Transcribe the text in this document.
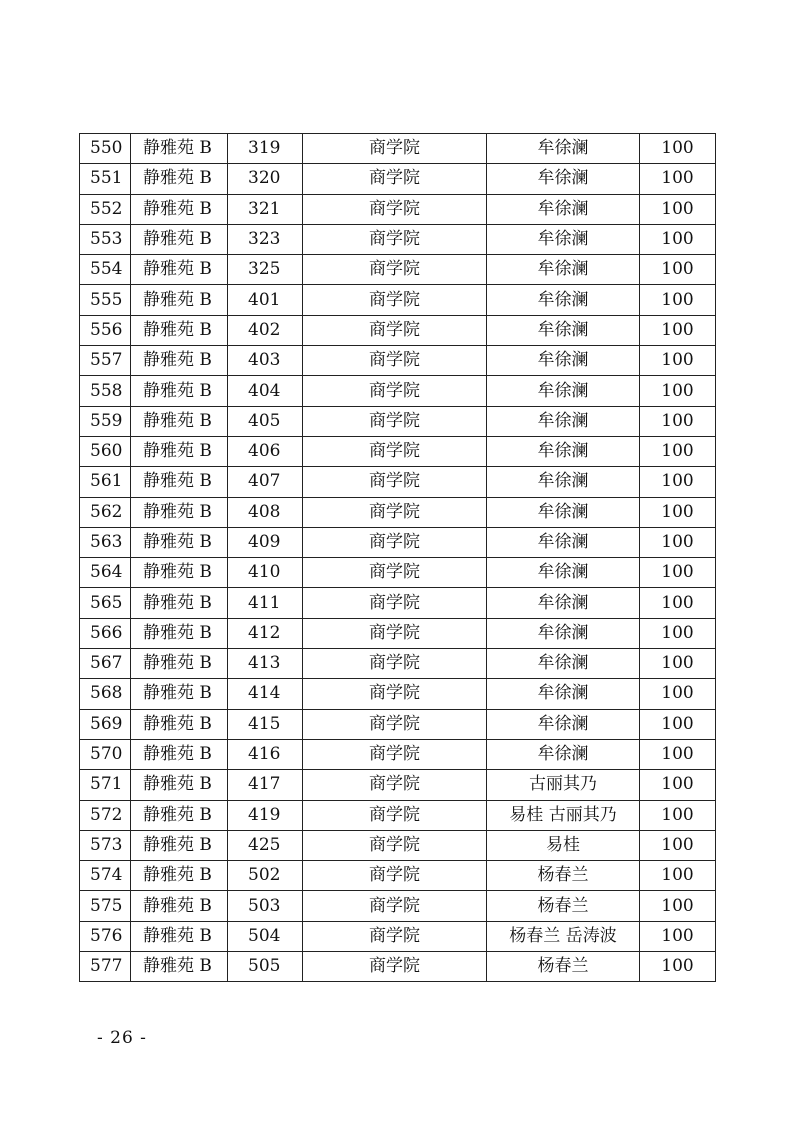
550	静雅苑 B	319	商学院	牟徐澜	100
551	静雅苑 B	320	商学院	牟徐澜	100
552	静雅苑 B	321	商学院	牟徐澜	100
553	静雅苑 B	323	商学院	牟徐澜	100
554	静雅苑 B	325	商学院	牟徐澜	100
555	静雅苑 B	401	商学院	牟徐澜	100
556	静雅苑 B	402	商学院	牟徐澜	100
557	静雅苑 B	403	商学院	牟徐澜	100
558	静雅苑 B	404	商学院	牟徐澜	100
559	静雅苑 B	405	商学院	牟徐澜	100
560	静雅苑 B	406	商学院	牟徐澜	100
561	静雅苑 B	407	商学院	牟徐澜	100
562	静雅苑 B	408	商学院	牟徐澜	100
563	静雅苑 B	409	商学院	牟徐澜	100
564	静雅苑 B	410	商学院	牟徐澜	100
565	静雅苑 B	411	商学院	牟徐澜	100
566	静雅苑 B	412	商学院	牟徐澜	100
567	静雅苑 B	413	商学院	牟徐澜	100
568	静雅苑 B	414	商学院	牟徐澜	100
569	静雅苑 B	415	商学院	牟徐澜	100
570	静雅苑 B	416	商学院	牟徐澜	100
571	静雅苑 B	417	商学院	古丽其乃	100
572	静雅苑 B	419	商学院	易桂 古丽其乃	100
573	静雅苑 B	425	商学院	易桂	100
574	静雅苑 B	502	商学院	杨春兰	100
575	静雅苑 B	503	商学院	杨春兰	100
576	静雅苑 B	504	商学院	杨春兰 岳涛波	100
577	静雅苑 B	505	商学院	杨春兰	100
- 26 -
